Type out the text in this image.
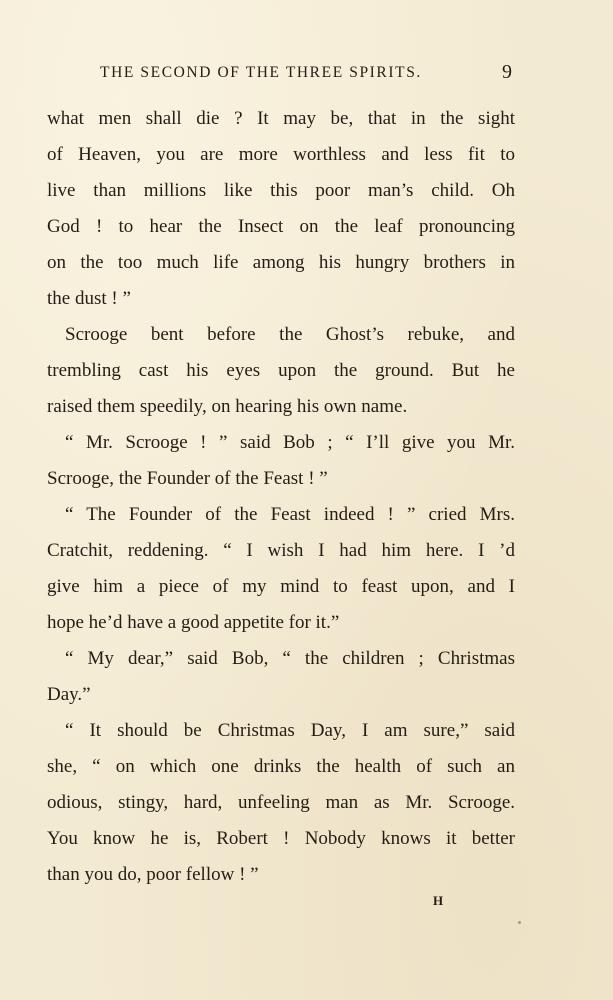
THE SECOND OF THE THREE SPIRITS.	9
what men shall die ? It may be, that in the sight
of Heaven, you are more worthless and less fit to
live than millions like this poor man’s child. Oh
God ! to hear the Insect on the leaf pronouncing
on the too much life among his hungry brothers in
the dust ! ”
Scrooge bent before the Ghost’s rebuke, and
trembling cast his eyes upon the ground. But he
raised them speedily, on hearing his own name.
“ Mr. Scrooge ! ” said Bob ; “ I’ll give you Mr.
Scrooge, the Founder of the Feast ! ”
“ The Founder of the Feast indeed ! ” cried Mrs.
Cratchit, reddening. “ I wish I had him here. I ’d
give him a piece of my mind to feast upon, and I
hope he’d have a good appetite for it.”
“ My dear,” said Bob, “ the children ; Christmas
Day.”
“ It should be Christmas Day, I am sure,” said
she, “ on which one drinks the health of such an
odious, stingy, hard, unfeeling man as Mr. Scrooge.
You know he is, Robert ! Nobody knows it better
than you do, poor fellow ! ”
H
